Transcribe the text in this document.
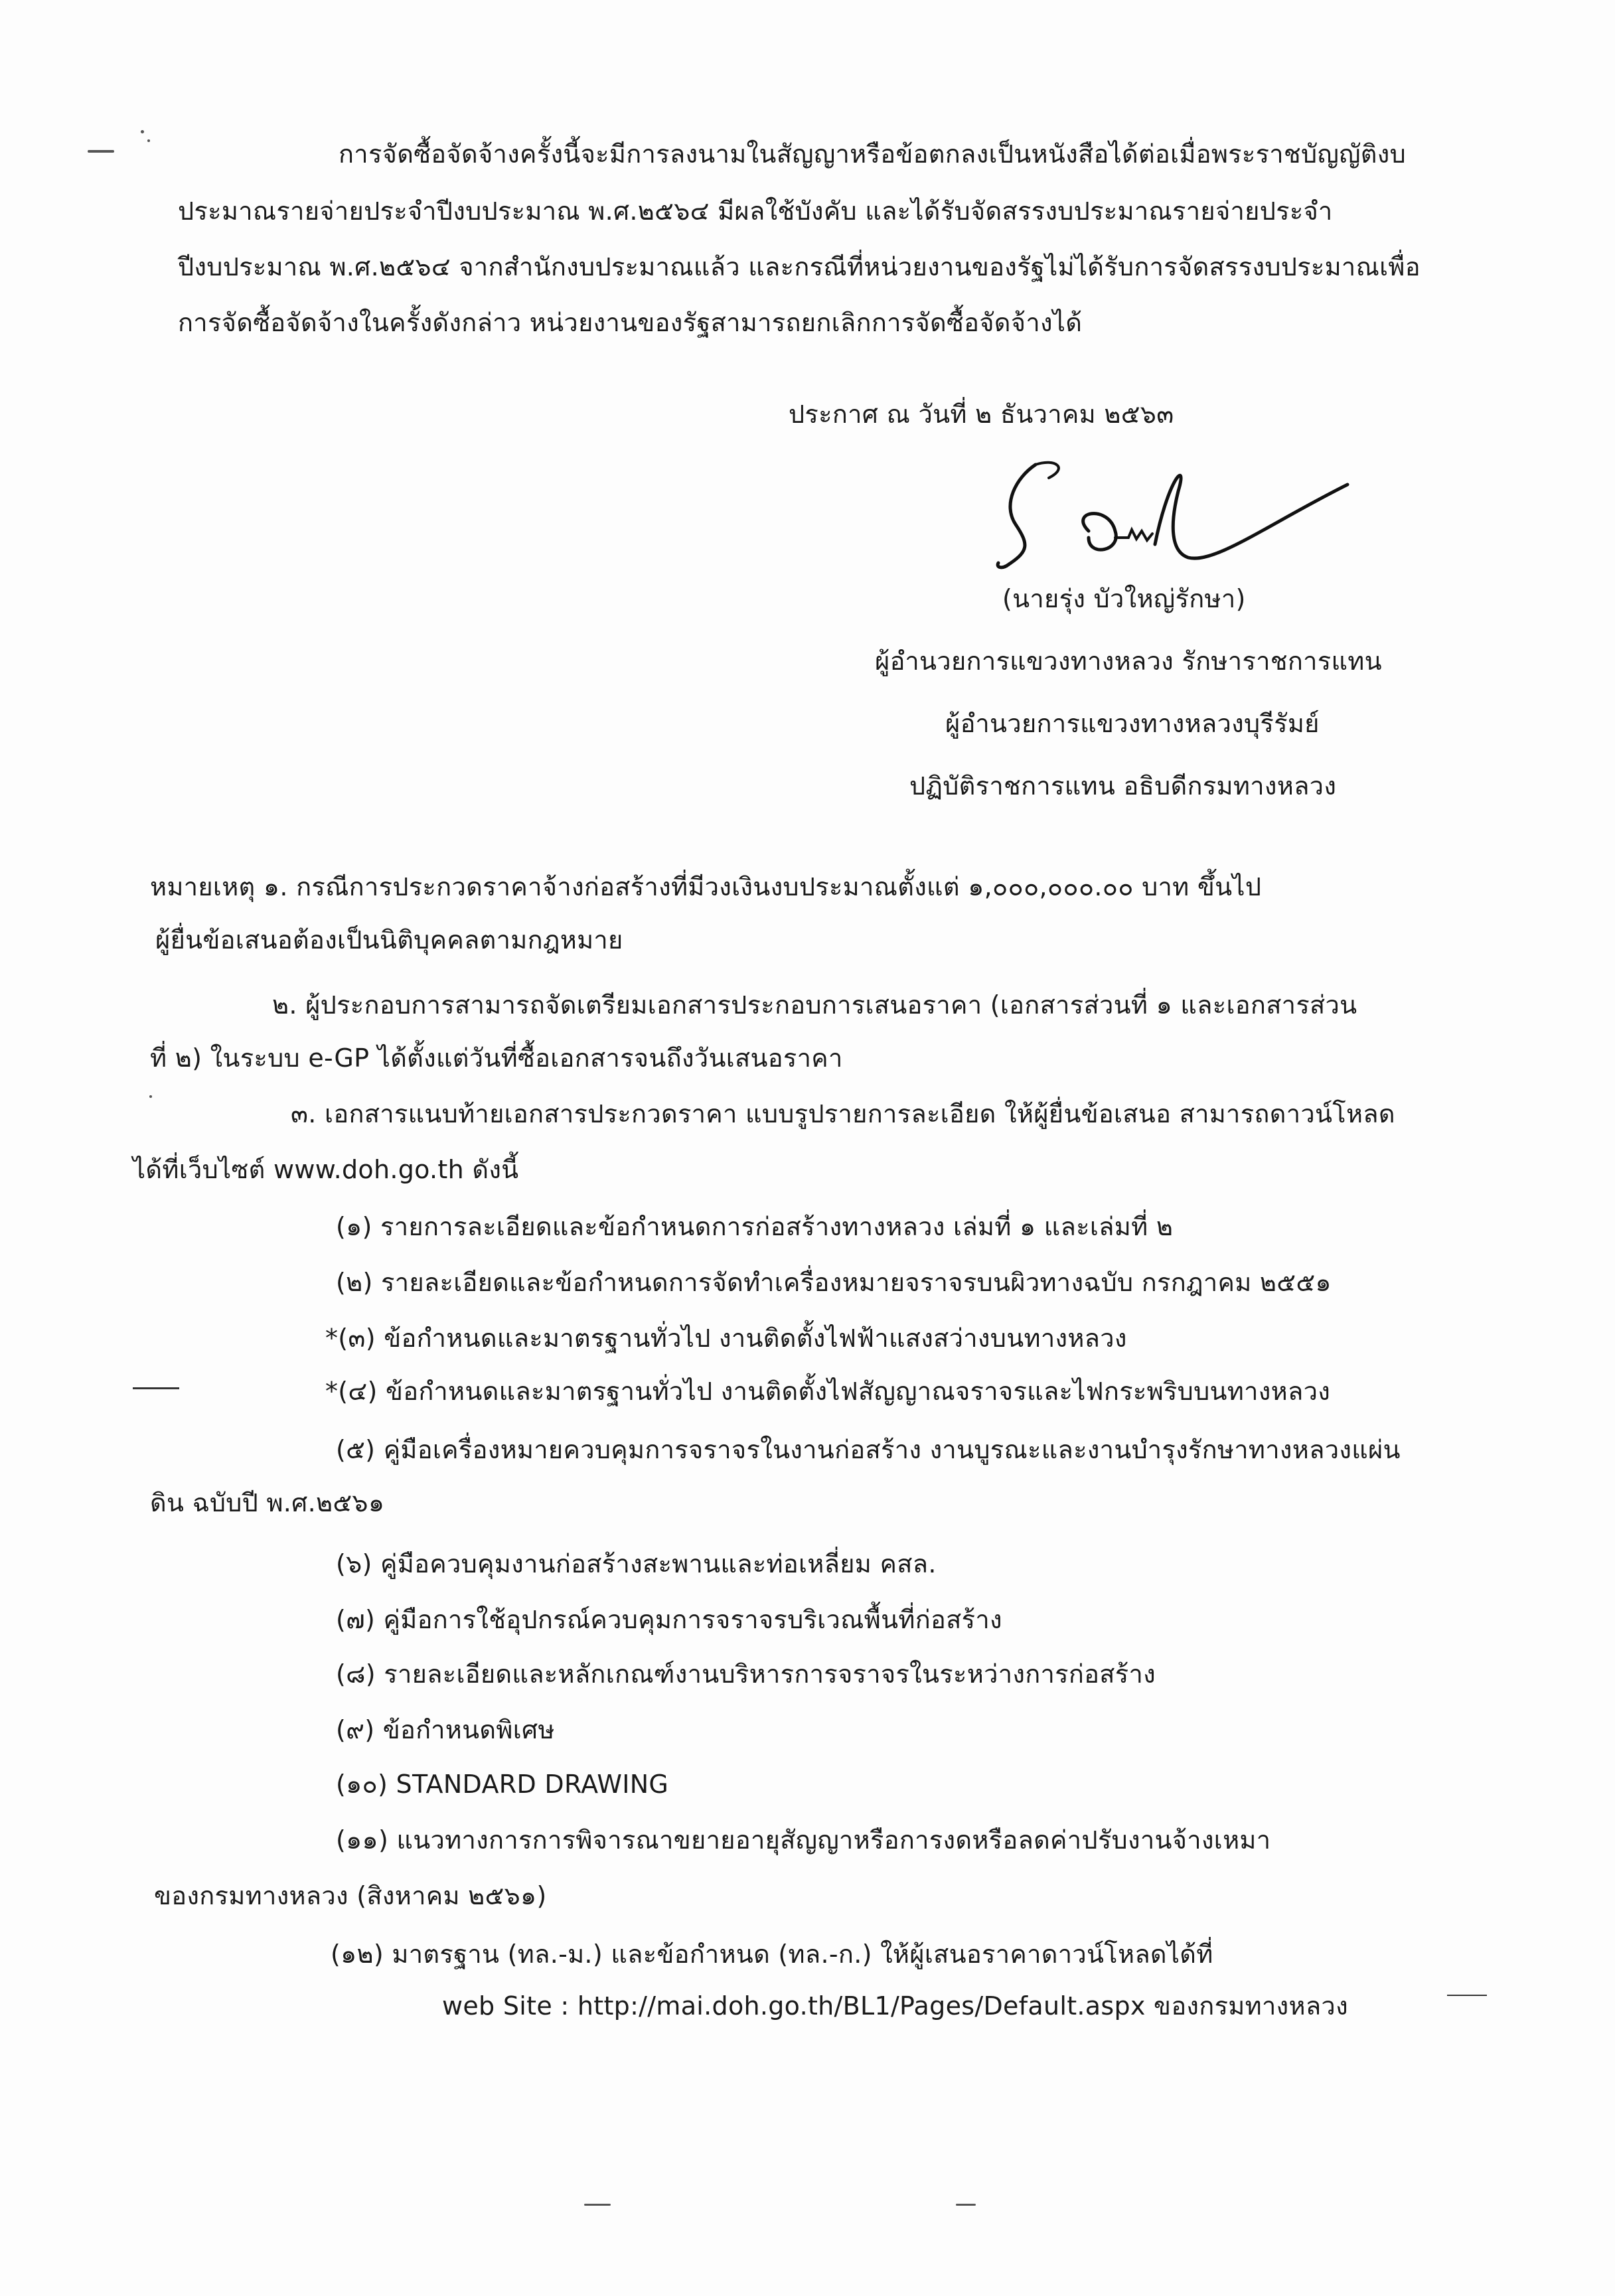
การจัดซื้อจัดจ้างครั้งนี้จะมีการลงนามในสัญญาหรือข้อตกลงเป็นหนังสือได้ต่อเมื่อพระราชบัญญัติงบ
ประมาณรายจ่ายประจำปีงบประมาณ พ.ศ.๒๕๖๔ มีผลใช้บังคับ และได้รับจัดสรรงบประมาณรายจ่ายประจำ
ปีงบประมาณ พ.ศ.๒๕๖๔ จากสำนักงบประมาณแล้ว และกรณีที่หน่วยงานของรัฐไม่ได้รับการจัดสรรงบประมาณเพื่อ
การจัดซื้อจัดจ้างในครั้งดังกล่าว หน่วยงานของรัฐสามารถยกเลิกการจัดซื้อจัดจ้างได้
ประกาศ ณ วันที่ ๒ ธันวาคม ๒๕๖๓
(นายรุ่ง บัวใหญ่รักษา)
ผู้อำนวยการแขวงทางหลวง รักษาราชการแทน
ผู้อำนวยการแขวงทางหลวงบุรีรัมย์
ปฏิบัติราชการแทน อธิบดีกรมทางหลวง
หมายเหตุ ๑. กรณีการประกวดราคาจ้างก่อสร้างที่มีวงเงินงบประมาณตั้งแต่ ๑,๐๐๐,๐๐๐.๐๐ บาท ขึ้นไป
ผู้ยื่นข้อเสนอต้องเป็นนิติบุคคลตามกฎหมาย
๒. ผู้ประกอบการสามารถจัดเตรียมเอกสารประกอบการเสนอราคา (เอกสารส่วนที่ ๑ และเอกสารส่วน
ที่ ๒) ในระบบ e-GP ได้ตั้งแต่วันที่ซื้อเอกสารจนถึงวันเสนอราคา
๓. เอกสารแนบท้ายเอกสารประกวดราคา แบบรูปรายการละเอียด ให้ผู้ยื่นข้อเสนอ สามารถดาวน์โหลด
ได้ที่เว็บไซต์ www.doh.go.th ดังนี้
(๑) รายการละเอียดและข้อกำหนดการก่อสร้างทางหลวง เล่มที่ ๑ และเล่มที่ ๒
(๒) รายละเอียดและข้อกำหนดการจัดทำเครื่องหมายจราจรบนผิวทางฉบับ กรกฎาคม ๒๕๕๑
*(๓) ข้อกำหนดและมาตรฐานทั่วไป งานติดตั้งไฟฟ้าแสงสว่างบนทางหลวง
*(๔) ข้อกำหนดและมาตรฐานทั่วไป งานติดตั้งไฟสัญญาณจราจรและไฟกระพริบบนทางหลวง
(๕) คู่มือเครื่องหมายควบคุมการจราจรในงานก่อสร้าง งานบูรณะและงานบำรุงรักษาทางหลวงแผ่น
ดิน ฉบับปี พ.ศ.๒๕๖๑
(๖) คู่มือควบคุมงานก่อสร้างสะพานและท่อเหลี่ยม คสล.
(๗) คู่มือการใช้อุปกรณ์ควบคุมการจราจรบริเวณพื้นที่ก่อสร้าง
(๘) รายละเอียดและหลักเกณฑ์งานบริหารการจราจรในระหว่างการก่อสร้าง
(๙) ข้อกำหนดพิเศษ
(๑๐) STANDARD DRAWING
(๑๑) แนวทางการการพิจารณาขยายอายุสัญญาหรือการงดหรือลดค่าปรับงานจ้างเหมา
ของกรมทางหลวง (สิงหาคม ๒๕๖๑)
(๑๒) มาตรฐาน (ทล.-ม.) และข้อกำหนด (ทล.-ก.) ให้ผู้เสนอราคาดาวน์โหลดได้ที่
web Site : http://mai.doh.go.th/BL1/Pages/Default.aspx ของกรมทางหลวง
